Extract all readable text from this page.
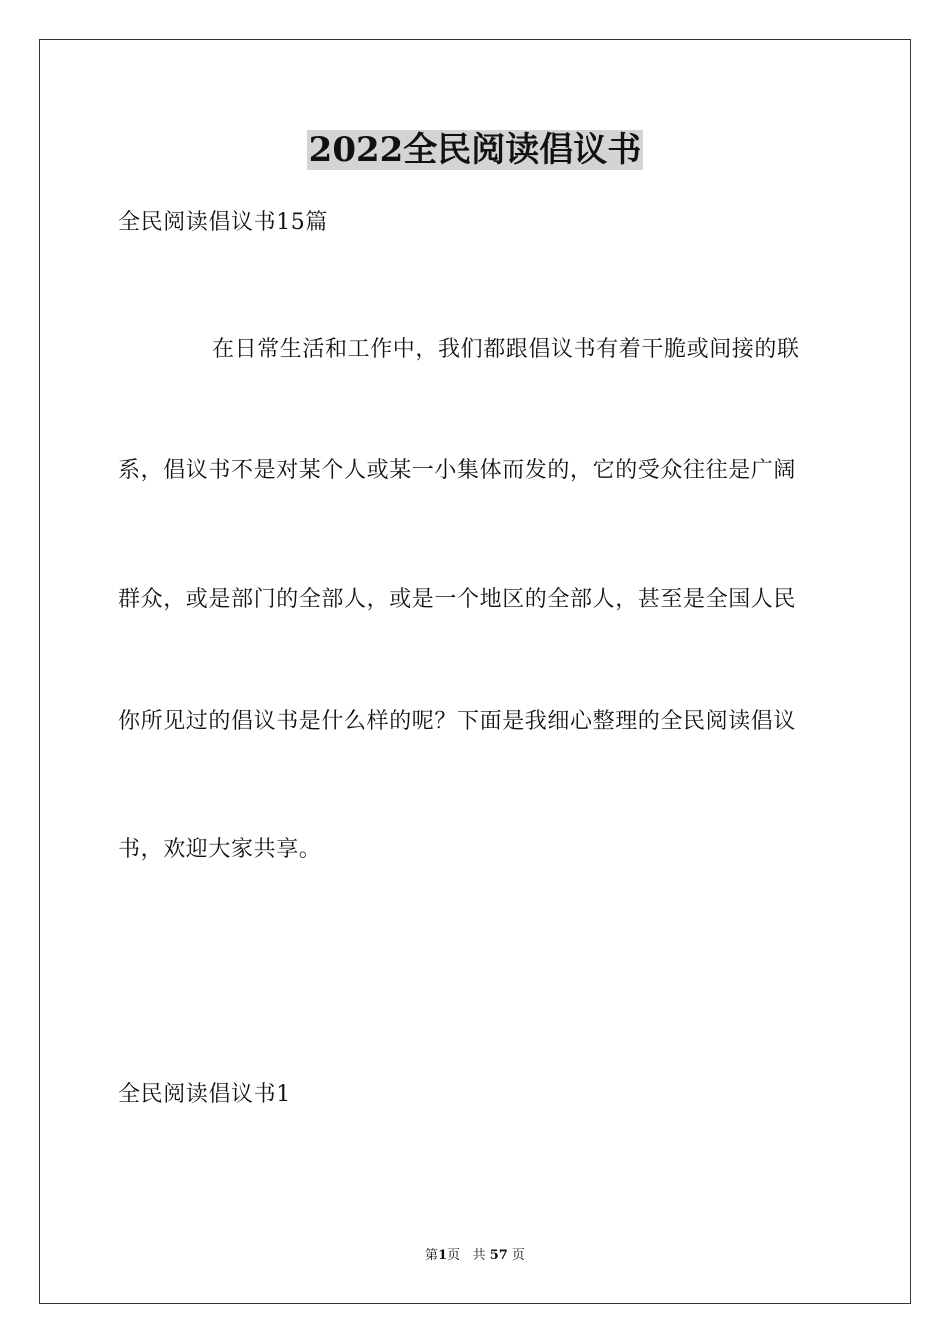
2022全民阅读倡议书
全民阅读倡议书15篇
在日常生活和工作中，我们都跟倡议书有着干脆或间接的联
系，倡议书不是对某个人或某一小集体而发的，它的受众往往是广阔
群众，或是部门的全部人，或是一个地区的全部人，甚至是全国人民
你所见过的倡议书是什么样的呢？下面是我细心整理的全民阅读倡议
书，欢迎大家共享。
全民阅读倡议书1
第1页 共 57 页
